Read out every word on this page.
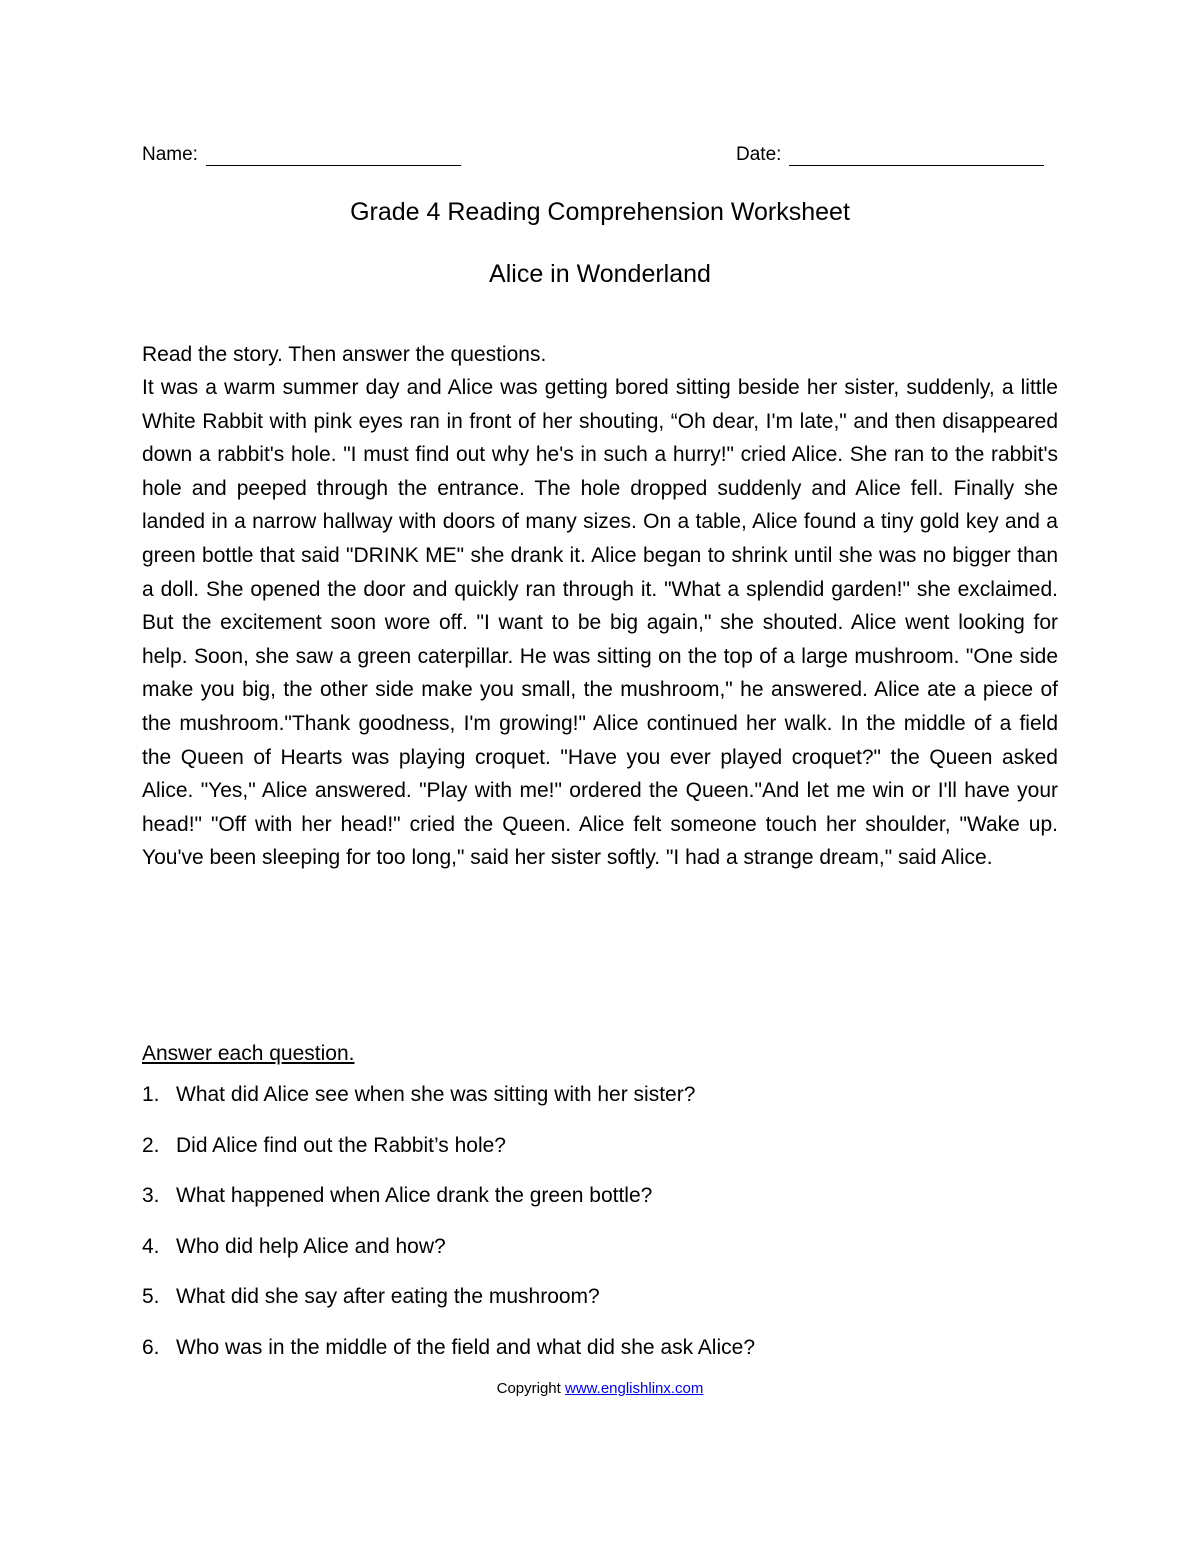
Name:	Date:
Grade 4 Reading Comprehension Worksheet
Alice in Wonderland
Read the story. Then answer the questions.

It was a warm summer day and Alice was getting bored sitting beside her sister, suddenly, a little White Rabbit with pink eyes ran in front of her shouting, “Oh dear, I'm late," and then disappeared down a rabbit's hole. "I must find out why he's in such a hurry!" cried Alice. She ran to the rabbit's hole and peeped through the entrance. The hole dropped suddenly and Alice fell. Finally she landed in a narrow hallway with doors of many sizes. On a table, Alice found a tiny gold key and a green bottle that said "DRINK ME" she drank it. Alice began to shrink until she was no bigger than a doll. She opened the door and quickly ran through it. "What a splendid garden!" she exclaimed. But the excitement soon wore off. "I want to be big again," she shouted. Alice went looking for help. Soon, she saw a green caterpillar. He was sitting on the top of a large mushroom. "One side make you big, the other side make you small, the mushroom," he answered. Alice ate a piece of the mushroom."Thank goodness, I'm growing!" Alice continued her walk. In the middle of a field the Queen of Hearts was playing croquet. "Have you ever played croquet?" the Queen asked Alice. "Yes," Alice answered. "Play with me!" ordered the Queen."And let me win or I'll have your head!" "Off with her head!" cried the Queen. Alice felt someone touch her shoulder, "Wake up. You've been sleeping for too long," said her sister softly. "I had a strange dream," said Alice.

Answer each question.
1. What did Alice see when she was sitting with her sister?
2. Did Alice find out the Rabbit’s hole?
3. What happened when Alice drank the green bottle?
4. Who did help Alice and how?
5. What did she say after eating the mushroom?
6. Who was in the middle of the field and what did she ask Alice?
Copyright www.englishlinx.com
